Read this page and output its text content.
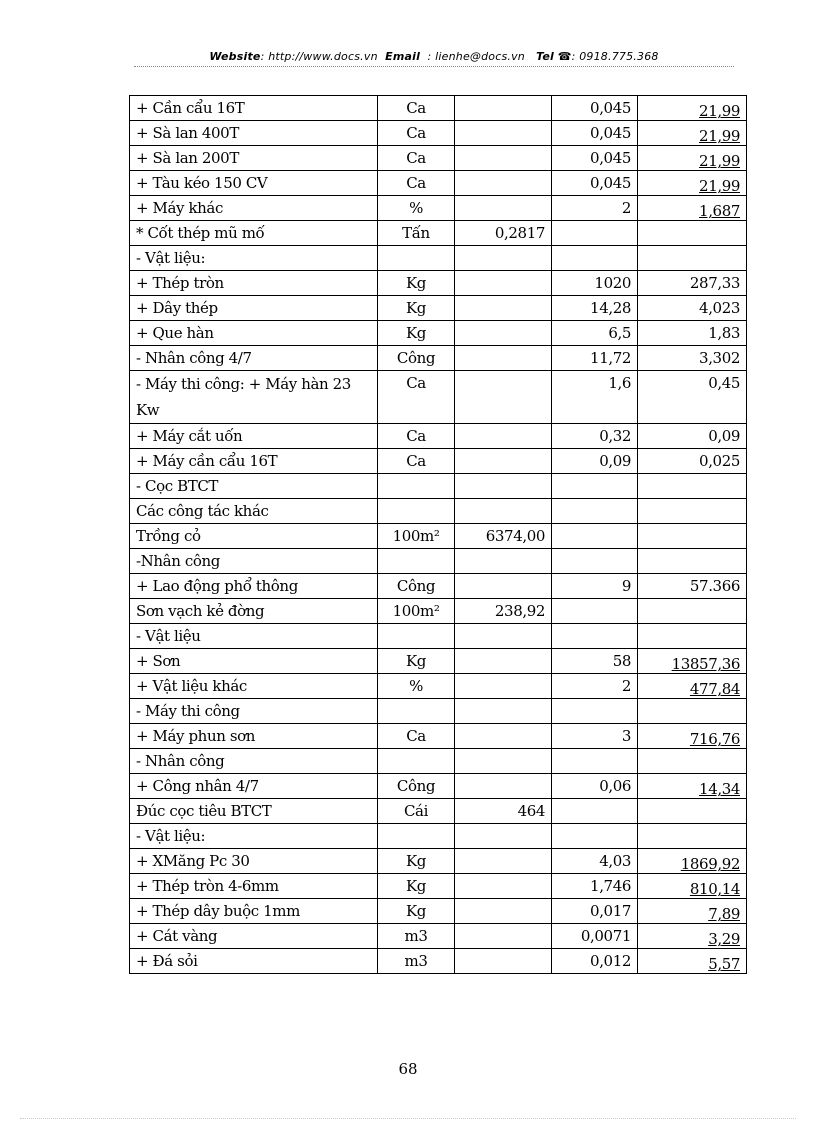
Website: http://www.docs.vn Email : lienhe@docs.vn Tel ☎: 0918.775.368
+ Cần cẩu 16T	Ca		0,045	21,99
+ Sà lan 400T	Ca		0,045	21,99
+ Sà lan 200T	Ca		0,045	21,99
+ Tàu kéo 150 CV	Ca		0,045	21,99
+ Máy khác	%		2	1,687
* Cốt thép mũ mố	Tấn	0,2817		
- Vật liệu:				
+ Thép tròn	Kg		1020	287,33
+ Dây thép	Kg		14,28	4,023
+ Que hàn	Kg		6,5	1,83
- Nhân công 4/7	Công		11,72	3,302
- Máy thi công: + Máy hàn 23 Kw	Ca		1,6	0,45
+ Máy cắt uốn	Ca		0,32	0,09
+ Máy cần cẩu 16T	Ca		0,09	0,025
- Cọc BTCT				
Các công tác khác				
Trồng cỏ	100m²	6374,00		
-Nhân công				
+ Lao động phổ thông	Công		9	57.366
Sơn vạch kẻ đờng	100m²	238,92		
- Vật liệu				
+ Sơn	Kg		58	13857,36
+ Vật liệu khác	%		2	477,84
- Máy thi công				
+ Máy phun sơn	Ca		3	716,76
- Nhân công				
+ Công nhân 4/7	Công		0,06	14,34
Đúc cọc tiêu BTCT	Cái	464		
- Vật liệu:				
+ XMăng Pc 30	Kg		4,03	1869,92
+ Thép tròn 4-6mm	Kg		1,746	810,14
+ Thép dây buộc 1mm	Kg		0,017	7,89
+ Cát vàng	m3		0,0071	3,29
+ Đá sỏi	m3		0,012	5,57
68
